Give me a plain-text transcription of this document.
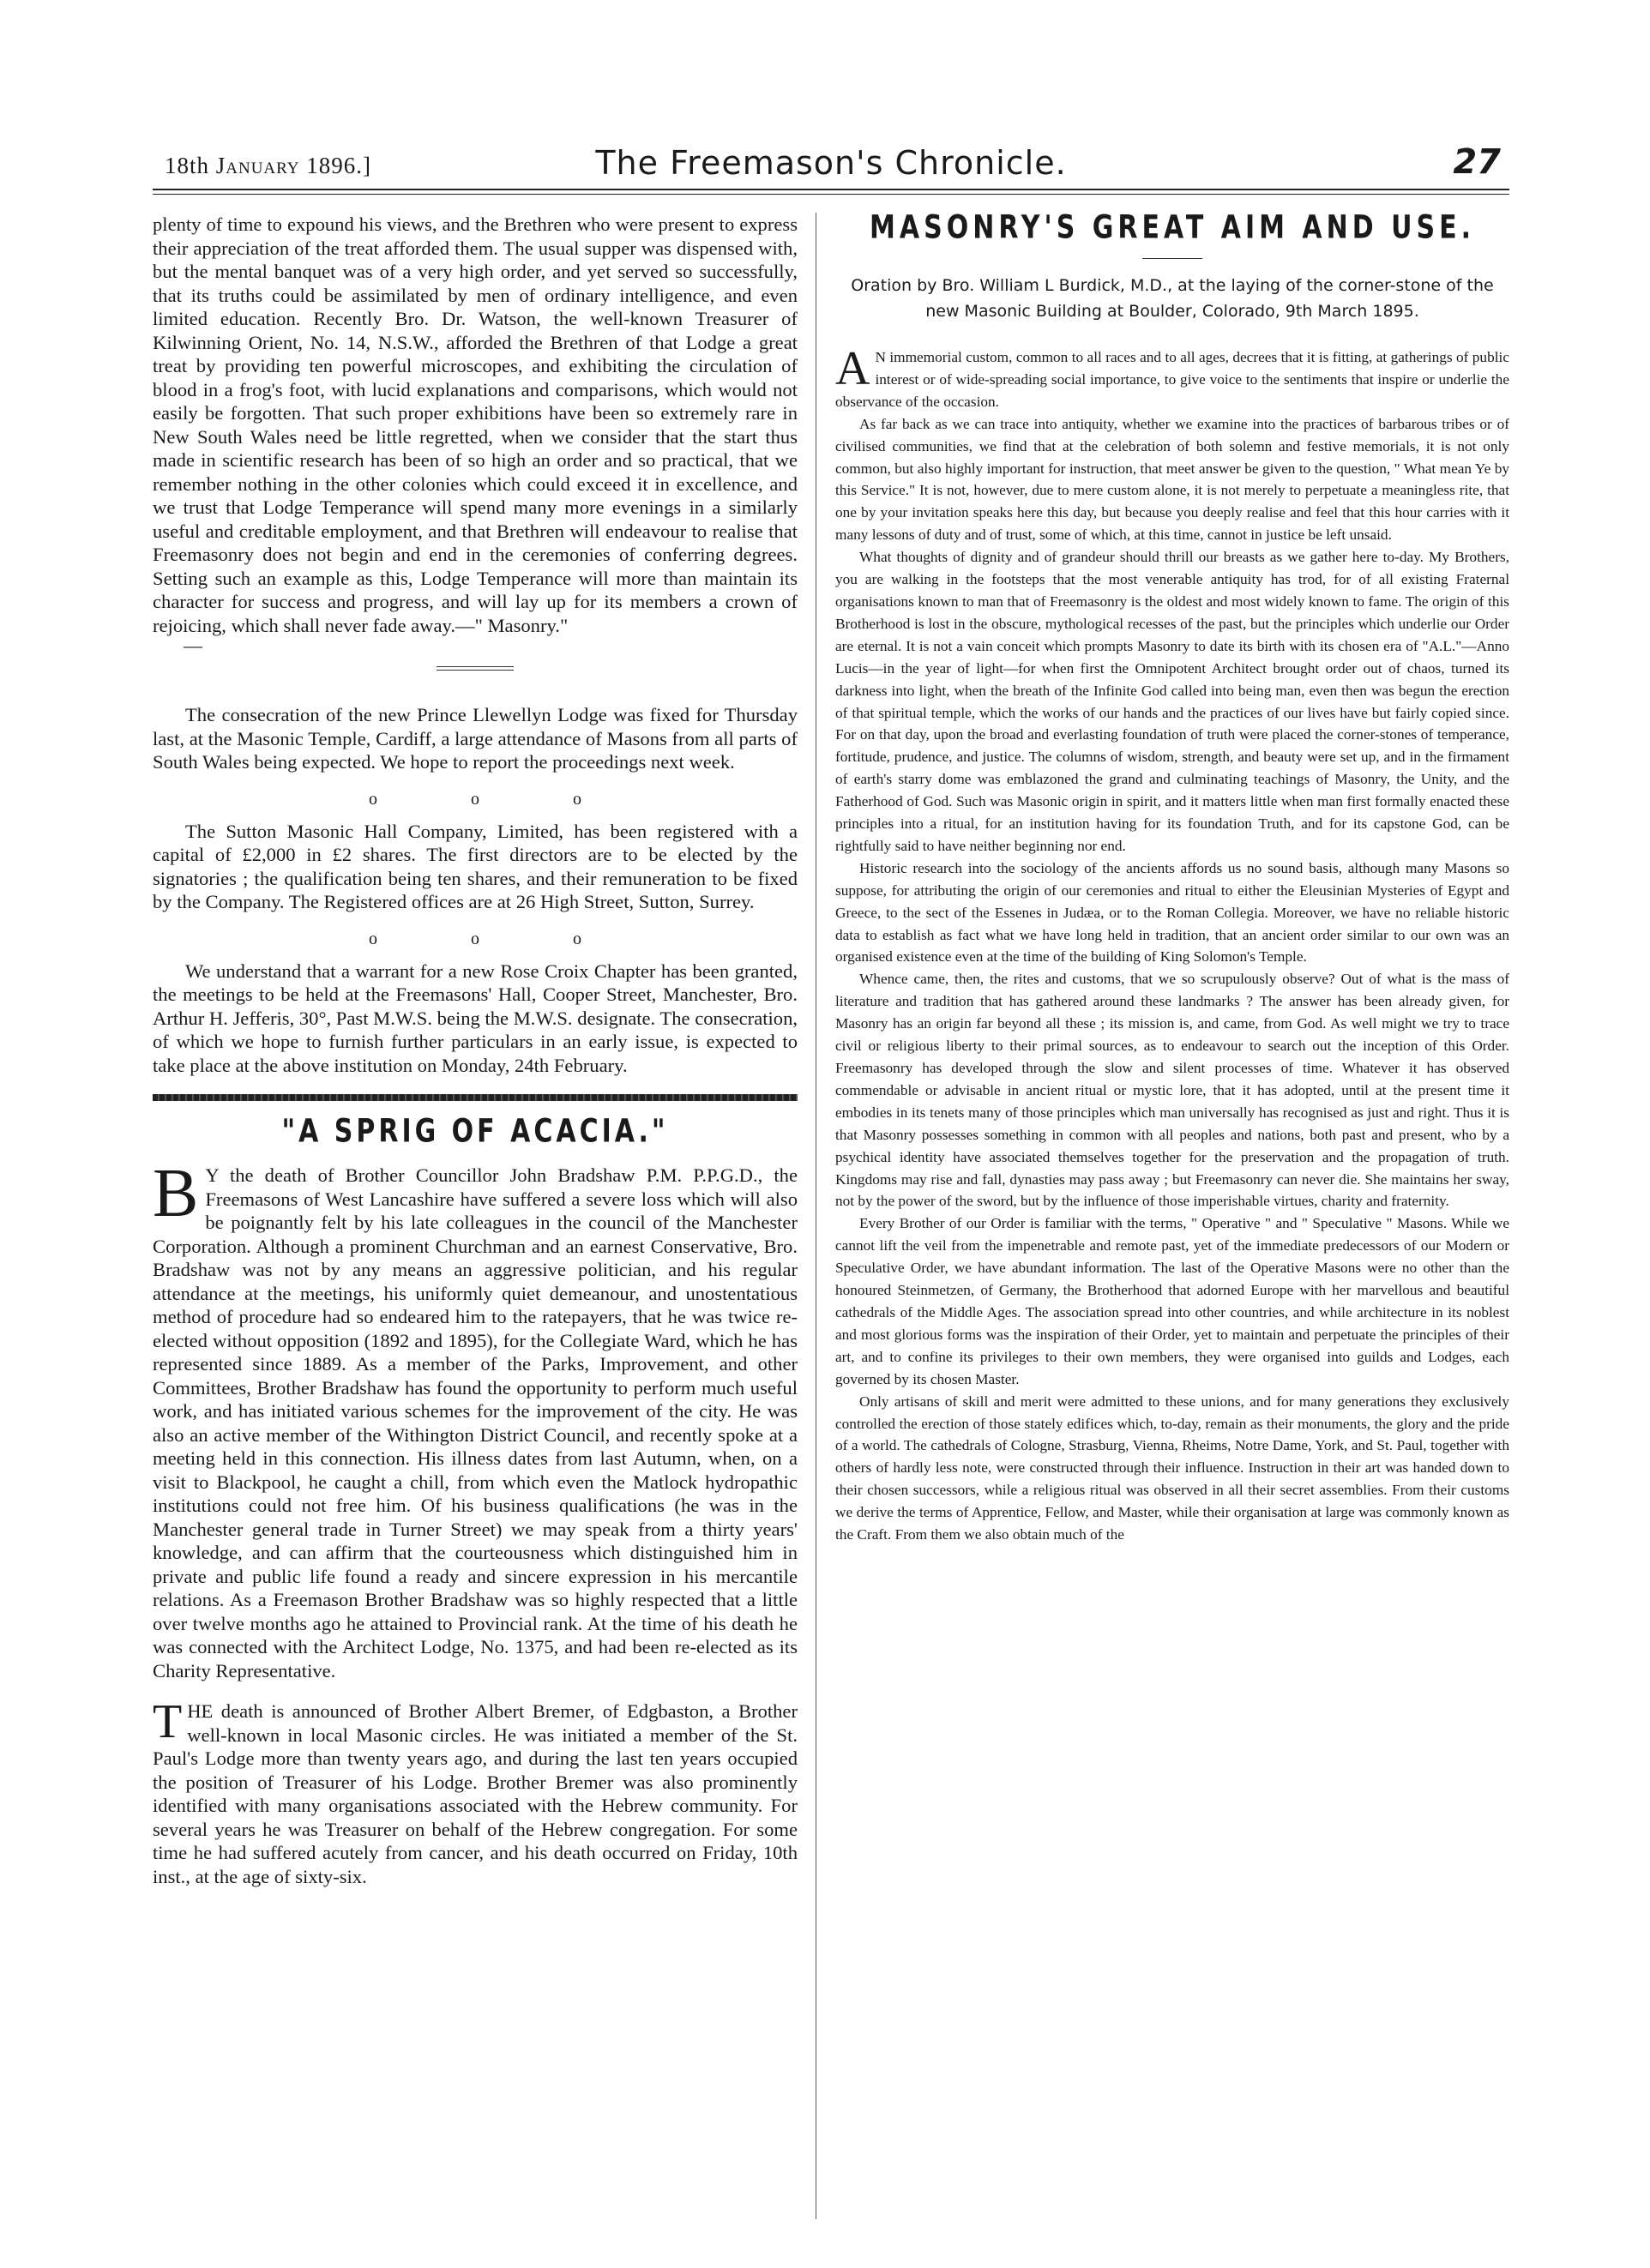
18th January 1896.]	The Freemason's Chronicle.	27

plenty of time to expound his views, and the Brethren who were present to express their appreciation of the treat afforded them. The usual supper was dispensed with, but the mental banquet was of a very high order, and yet served so successfully, that its truths could be assimilated by men of ordinary intelligence, and even limited education. Recently Bro. Dr. Watson, the well-known Treasurer of Kilwinning Orient, No. 14, N.S.W., afforded the Brethren of that Lodge a great treat by providing ten powerful microscopes, and exhibiting the circulation of blood in a frog's foot, with lucid explanations and comparisons, which would not easily be forgotten. That such proper exhibitions have been so extremely rare in New South Wales need be little regretted, when we consider that the start thus made in scientific research has been of so high an order and so practical, that we remember nothing in the other colonies which could exceed it in excellence, and we trust that Lodge Temperance will spend many more evenings in a similarly useful and creditable employment, and that Brethren will endeavour to realise that Freemasonry does not begin and end in the ceremonies of conferring degrees. Setting such an example as this, Lodge Temperance will more than maintain its character for success and progress, and will lay up for its members a crown of rejoicing, which shall never fade away.—" Masonry."

—

The consecration of the new Prince Llewellyn Lodge was fixed for Thursday last, at the Masonic Temple, Cardiff, a large attendance of Masons from all parts of South Wales being expected. We hope to report the proceedings next week.

o o o

The Sutton Masonic Hall Company, Limited, has been registered with a capital of £2,000 in £2 shares. The first directors are to be elected by the signatories ; the qualification being ten shares, and their remuneration to be fixed by the Company. The Registered offices are at 26 High Street, Sutton, Surrey.

o o o

We understand that a warrant for a new Rose Croix Chapter has been granted, the meetings to be held at the Freemasons' Hall, Cooper Street, Manchester, Bro. Arthur H. Jefferis, 30°, Past M.W.S. being the M.W.S. designate. The consecration, of which we hope to furnish further particulars in an early issue, is expected to take place at the above institution on Monday, 24th February.

"A SPRIG OF ACACIA."

B Y the death of Brother Councillor John Bradshaw P.M. P.P.G.D., the Freemasons of West Lancashire have suffered a severe loss which will also be poignantly felt by his late colleagues in the council of the Manchester Corporation. Although a prominent Churchman and an earnest Conservative, Bro. Bradshaw was not by any means an aggressive politician, and his regular attendance at the meetings, his uniformly quiet demeanour, and unostentatious method of procedure had so endeared him to the ratepayers, that he was twice re-elected without opposition (1892 and 1895), for the Collegiate Ward, which he has represented since 1889. As a member of the Parks, Improvement, and other Committees, Brother Bradshaw has found the opportunity to perform much useful work, and has initiated various schemes for the improvement of the city. He was also an active member of the Withington District Council, and recently spoke at a meeting held in this connection. His illness dates from last Autumn, when, on a visit to Blackpool, he caught a chill, from which even the Matlock hydropathic institutions could not free him. Of his business qualifications (he was in the Manchester general trade in Turner Street) we may speak from a thirty years' knowledge, and can affirm that the courteousness which distinguished him in private and public life found a ready and sincere expression in his mercantile relations. As a Freemason Brother Bradshaw was so highly respected that a little over twelve months ago he attained to Provincial rank. At the time of his death he was connected with the Architect Lodge, No. 1375, and had been re-elected as its Charity Representative.

T HE death is announced of Brother Albert Bremer, of Edgbaston, a Brother well-known in local Masonic circles. He was initiated a member of the St. Paul's Lodge more than twenty years ago, and during the last ten years occupied the position of Treasurer of his Lodge. Brother Bremer was also prominently identified with many organisations associated with the Hebrew community. For several years he was Treasurer on behalf of the Hebrew congregation. For some time he had suffered acutely from cancer, and his death occurred on Friday, 10th inst., at the age of sixty-six.

MASONRY'S GREAT AIM AND USE.
Oration by Bro. William L Burdick, M.D., at the laying of the corner-stone of the new Masonic Building at Boulder, Colorado, 9th March 1895.

A N immemorial custom, common to all races and to all ages, decrees that it is fitting, at gatherings of public interest or of wide-spreading social importance, to give voice to the sentiments that inspire or underlie the observance of the occasion.

As far back as we can trace into antiquity, whether we examine into the practices of barbarous tribes or of civilised communities, we find that at the celebration of both solemn and festive memorials, it is not only common, but also highly important for instruction, that meet answer be given to the question, " What mean Ye by this Service." It is not, however, due to mere custom alone, it is not merely to perpetuate a meaningless rite, that one by your invitation speaks here this day, but because you deeply realise and feel that this hour carries with it many lessons of duty and of trust, some of which, at this time, cannot in justice be left unsaid.

What thoughts of dignity and of grandeur should thrill our breasts as we gather here to-day. My Brothers, you are walking in the footsteps that the most venerable antiquity has trod, for of all existing Fraternal organisations known to man that of Freemasonry is the oldest and most widely known to fame. The origin of this Brotherhood is lost in the obscure, mythological recesses of the past, but the principles which underlie our Order are eternal. It is not a vain conceit which prompts Masonry to date its birth with its chosen era of "A.L."—Anno Lucis—in the year of light—for when first the Omnipotent Architect brought order out of chaos, turned its darkness into light, when the breath of the Infinite God called into being man, even then was begun the erection of that spiritual temple, which the works of our hands and the practices of our lives have but fairly copied since. For on that day, upon the broad and everlasting foundation of truth were placed the corner-stones of temperance, fortitude, prudence, and justice. The columns of wisdom, strength, and beauty were set up, and in the firmament of earth's starry dome was emblazoned the grand and culminating teachings of Masonry, the Unity, and the Fatherhood of God. Such was Masonic origin in spirit, and it matters little when man first formally enacted these principles into a ritual, for an institution having for its foundation Truth, and for its capstone God, can be rightfully said to have neither beginning nor end.

Historic research into the sociology of the ancients affords us no sound basis, although many Masons so suppose, for attributing the origin of our ceremonies and ritual to either the Eleusinian Mysteries of Egypt and Greece, to the sect of the Essenes in Judæa, or to the Roman Collegia. Moreover, we have no reliable historic data to establish as fact what we have long held in tradition, that an ancient order similar to our own was an organised existence even at the time of the building of King Solomon's Temple.

Whence came, then, the rites and customs, that we so scrupulously observe? Out of what is the mass of literature and tradition that has gathered around these landmarks ? The answer has been already given, for Masonry has an origin far beyond all these ; its mission is, and came, from God. As well might we try to trace civil or religious liberty to their primal sources, as to endeavour to search out the inception of this Order. Freemasonry has developed through the slow and silent processes of time. Whatever it has observed commendable or advisable in ancient ritual or mystic lore, that it has adopted, until at the present time it embodies in its tenets many of those principles which man universally has recognised as just and right. Thus it is that Masonry possesses something in common with all peoples and nations, both past and present, who by a psychical identity have associated themselves together for the preservation and the propagation of truth. Kingdoms may rise and fall, dynasties may pass away ; but Freemasonry can never die. She maintains her sway, not by the power of the sword, but by the influence of those imperishable virtues, charity and fraternity.

Every Brother of our Order is familiar with the terms, " Operative " and " Speculative " Masons. While we cannot lift the veil from the impenetrable and remote past, yet of the immediate predecessors of our Modern or Speculative Order, we have abundant information. The last of the Operative Masons were no other than the honoured Steinmetzen, of Germany, the Brotherhood that adorned Europe with her marvellous and beautiful cathedrals of the Middle Ages. The association spread into other countries, and while architecture in its noblest and most glorious forms was the inspiration of their Order, yet to maintain and perpetuate the principles of their art, and to confine its privileges to their own members, they were organised into guilds and Lodges, each governed by its chosen Master.

Only artisans of skill and merit were admitted to these unions, and for many generations they exclusively controlled the erection of those stately edifices which, to-day, remain as their monuments, the glory and the pride of a world. The cathedrals of Cologne, Strasburg, Vienna, Rheims, Notre Dame, York, and St. Paul, together with others of hardly less note, were constructed through their influence. Instruction in their art was handed down to their chosen successors, while a religious ritual was observed in all their secret assemblies. From their customs we derive the terms of Apprentice, Fellow, and Master, while their organisation at large was commonly known as the Craft. From them we also obtain much of the
